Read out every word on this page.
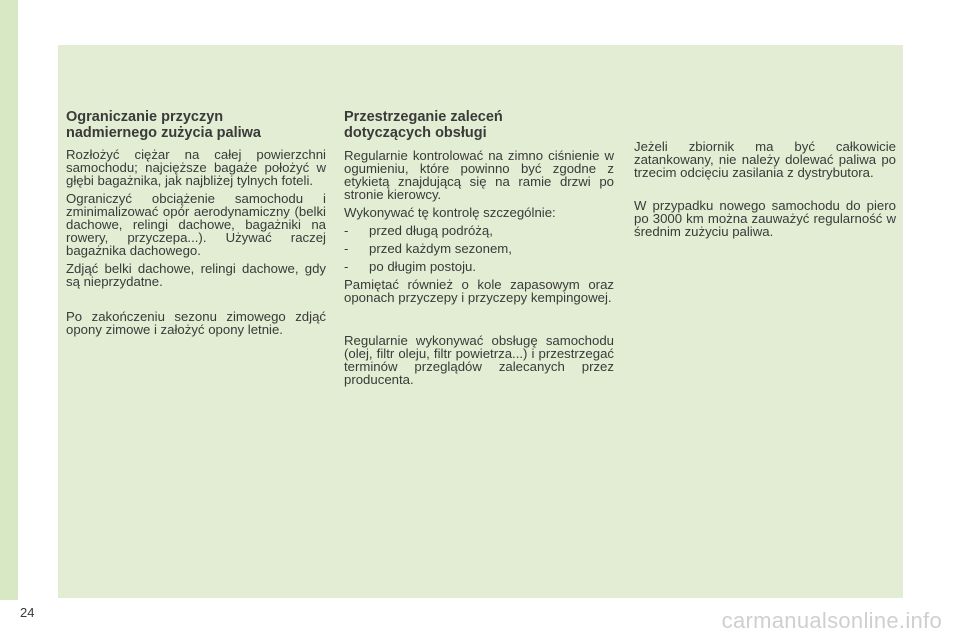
Ograniczanie przyczyn
nadmiernego zużycia paliwa

Rozłożyć ciężar na całej powierzchni samochodu; najcięższe bagaże położyć w głębi bagażnika, jak najbliżej tylnych foteli.

Ograniczyć obciążenie samochodu i zminimalizować opór aerodynamiczny (belki dachowe, relingi dachowe, bagażniki na rowery, przyczepa...). Używać raczej bagażnika dachowego.

Zdjąć belki dachowe, relingi dachowe, gdy są nieprzydatne.

Po zakończeniu sezonu zimowego zdjąć opony zimowe i założyć opony letnie.

Przestrzeganie zaleceń
dotyczących obsługi

Regularnie kontrolować na zimno ciśnienie w ogumieniu, które powinno być zgodne z etykietą znajdującą się na ramie drzwi po stronie kierowcy.

Wykonywać tę kontrolę szczególnie:

- przed długą podróżą,
- przed każdym sezonem,
- po długim postoju.

Pamiętać również o kole zapasowym oraz oponach przyczepy i przyczepy kempingowej.

Regularnie wykonywać obsługę samochodu (olej, filtr oleju, filtr powietrza...) i przestrzegać terminów przeglądów zalecanych przez producenta.

Jeżeli zbiornik ma być całkowicie zatankowany, nie należy dolewać paliwa po trzecim odcięciu zasilania z dystrybutora.

W przypadku nowego samochodu do piero po 3000 km można zauważyć regularność w średnim zużyciu paliwa.

24	carmanualsonline.info
